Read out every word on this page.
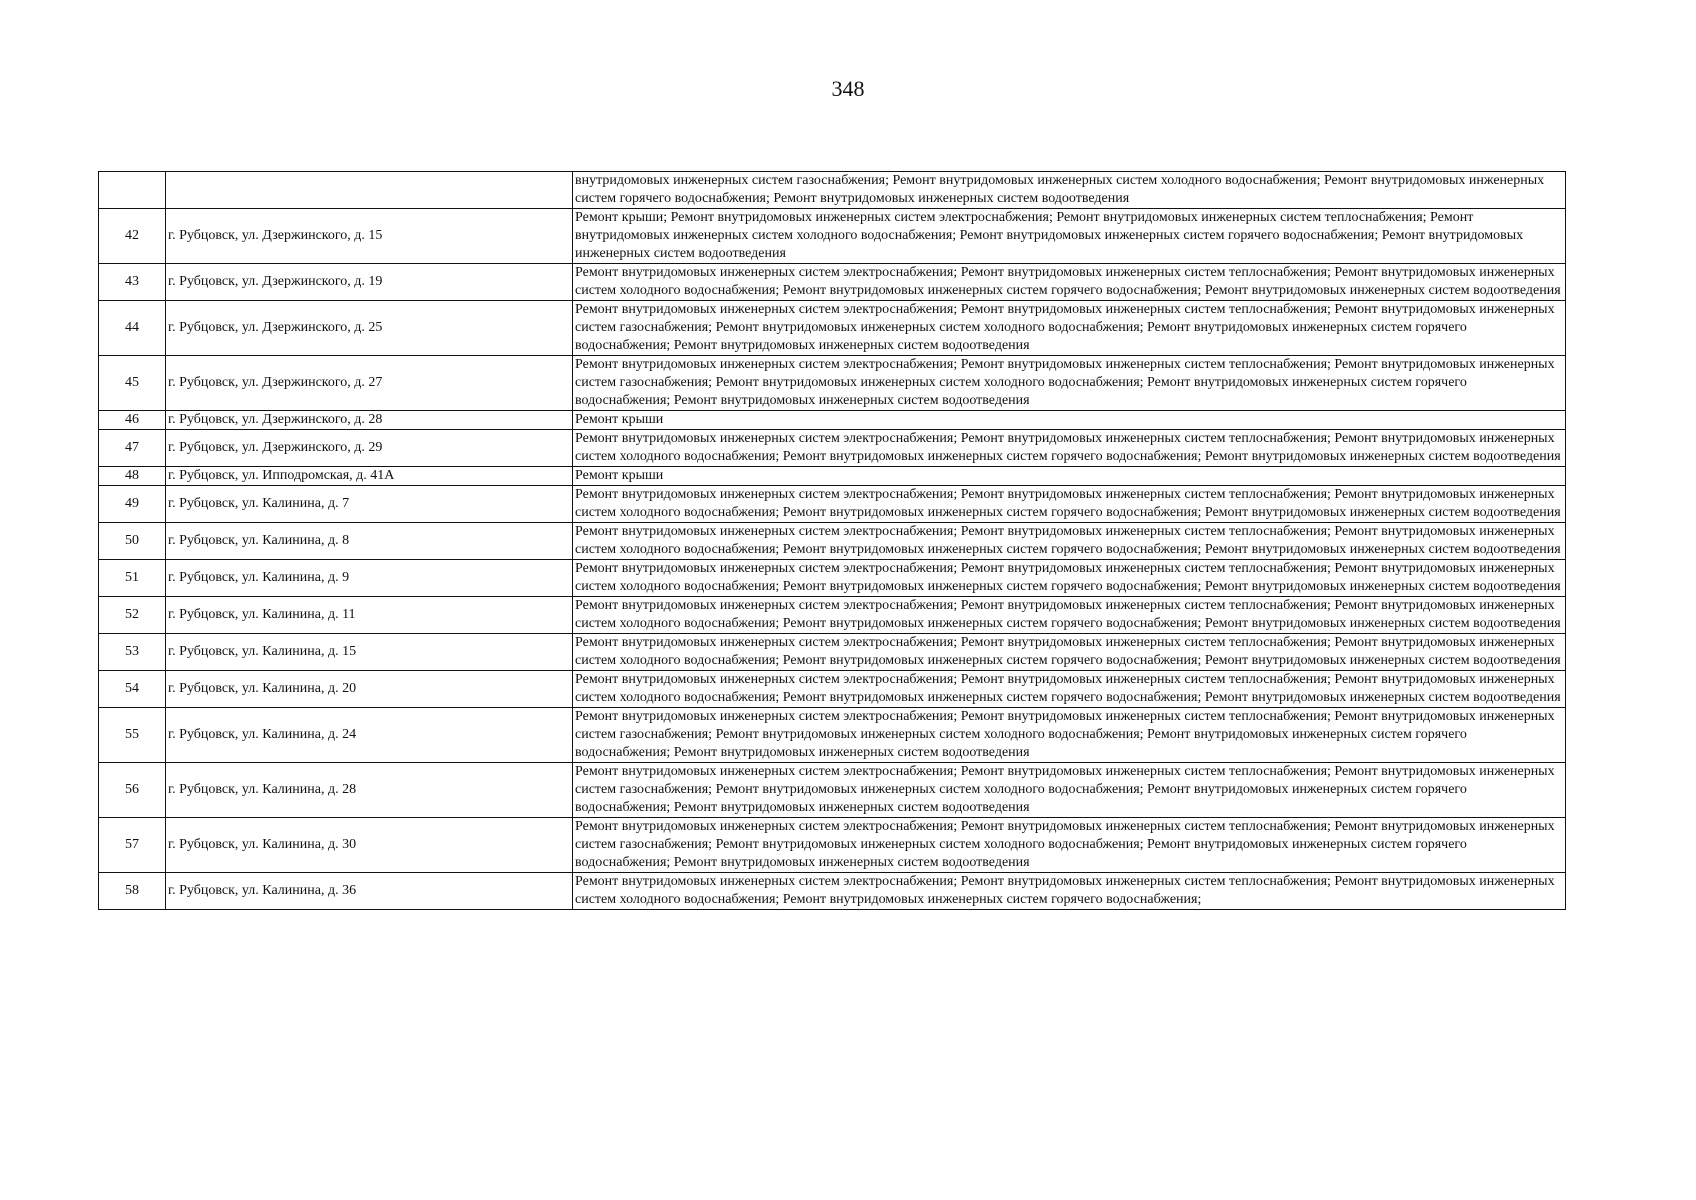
348
		внутридомовых инженерных систем газоснабжения; Ремонт внутридомовых инженерных систем холодного водоснабжения; Ремонт внутридомовых инженерных систем горячего водоснабжения; Ремонт внутридомовых инженерных систем водоотведения
42	г. Рубцовск, ул. Дзержинского, д. 15	Ремонт крыши; Ремонт внутридомовых инженерных систем электроснабжения; Ремонт внутридомовых инженерных систем теплоснабжения; Ремонт внутридомовых инженерных систем холодного водоснабжения; Ремонт внутридомовых инженерных систем горячего водоснабжения; Ремонт внутридомовых инженерных систем водоотведения
43	г. Рубцовск, ул. Дзержинского, д. 19	Ремонт внутридомовых инженерных систем электроснабжения; Ремонт внутридомовых инженерных систем теплоснабжения; Ремонт внутридомовых инженерных систем холодного водоснабжения; Ремонт внутридомовых инженерных систем горячего водоснабжения; Ремонт внутридомовых инженерных систем водоотведения
44	г. Рубцовск, ул. Дзержинского, д. 25	Ремонт внутридомовых инженерных систем электроснабжения; Ремонт внутридомовых инженерных систем теплоснабжения; Ремонт внутридомовых инженерных систем газоснабжения; Ремонт внутридомовых инженерных систем холодного водоснабжения; Ремонт внутридомовых инженерных систем горячего водоснабжения; Ремонт внутридомовых инженерных систем водоотведения
45	г. Рубцовск, ул. Дзержинского, д. 27	Ремонт внутридомовых инженерных систем электроснабжения; Ремонт внутридомовых инженерных систем теплоснабжения; Ремонт внутридомовых инженерных систем газоснабжения; Ремонт внутридомовых инженерных систем холодного водоснабжения; Ремонт внутридомовых инженерных систем горячего водоснабжения; Ремонт внутридомовых инженерных систем водоотведения
46	г. Рубцовск, ул. Дзержинского, д. 28	Ремонт крыши
47	г. Рубцовск, ул. Дзержинского, д. 29	Ремонт внутридомовых инженерных систем электроснабжения; Ремонт внутридомовых инженерных систем теплоснабжения; Ремонт внутридомовых инженерных систем холодного водоснабжения; Ремонт внутридомовых инженерных систем горячего водоснабжения; Ремонт внутридомовых инженерных систем водоотведения
48	г. Рубцовск, ул. Ипподромская, д. 41А	Ремонт крыши
49	г. Рубцовск, ул. Калинина, д. 7	Ремонт внутридомовых инженерных систем электроснабжения; Ремонт внутридомовых инженерных систем теплоснабжения; Ремонт внутридомовых инженерных систем холодного водоснабжения; Ремонт внутридомовых инженерных систем горячего водоснабжения; Ремонт внутридомовых инженерных систем водоотведения
50	г. Рубцовск, ул. Калинина, д. 8	Ремонт внутридомовых инженерных систем электроснабжения; Ремонт внутридомовых инженерных систем теплоснабжения; Ремонт внутридомовых инженерных систем холодного водоснабжения; Ремонт внутридомовых инженерных систем горячего водоснабжения; Ремонт внутридомовых инженерных систем водоотведения
51	г. Рубцовск, ул. Калинина, д. 9	Ремонт внутридомовых инженерных систем электроснабжения; Ремонт внутридомовых инженерных систем теплоснабжения; Ремонт внутридомовых инженерных систем холодного водоснабжения; Ремонт внутридомовых инженерных систем горячего водоснабжения; Ремонт внутридомовых инженерных систем водоотведения
52	г. Рубцовск, ул. Калинина, д. 11	Ремонт внутридомовых инженерных систем электроснабжения; Ремонт внутридомовых инженерных систем теплоснабжения; Ремонт внутридомовых инженерных систем холодного водоснабжения; Ремонт внутридомовых инженерных систем горячего водоснабжения; Ремонт внутридомовых инженерных систем водоотведения
53	г. Рубцовск, ул. Калинина, д. 15	Ремонт внутридомовых инженерных систем электроснабжения; Ремонт внутридомовых инженерных систем теплоснабжения; Ремонт внутридомовых инженерных систем холодного водоснабжения; Ремонт внутридомовых инженерных систем горячего водоснабжения; Ремонт внутридомовых инженерных систем водоотведения
54	г. Рубцовск, ул. Калинина, д. 20	Ремонт внутридомовых инженерных систем электроснабжения; Ремонт внутридомовых инженерных систем теплоснабжения; Ремонт внутридомовых инженерных систем холодного водоснабжения; Ремонт внутридомовых инженерных систем горячего водоснабжения; Ремонт внутридомовых инженерных систем водоотведения
55	г. Рубцовск, ул. Калинина, д. 24	Ремонт внутридомовых инженерных систем электроснабжения; Ремонт внутридомовых инженерных систем теплоснабжения; Ремонт внутридомовых инженерных систем газоснабжения; Ремонт внутридомовых инженерных систем холодного водоснабжения; Ремонт внутридомовых инженерных систем горячего водоснабжения; Ремонт внутридомовых инженерных систем водоотведения
56	г. Рубцовск, ул. Калинина, д. 28	Ремонт внутридомовых инженерных систем электроснабжения; Ремонт внутридомовых инженерных систем теплоснабжения; Ремонт внутридомовых инженерных систем газоснабжения; Ремонт внутридомовых инженерных систем холодного водоснабжения; Ремонт внутридомовых инженерных систем горячего водоснабжения; Ремонт внутридомовых инженерных систем водоотведения
57	г. Рубцовск, ул. Калинина, д. 30	Ремонт внутридомовых инженерных систем электроснабжения; Ремонт внутридомовых инженерных систем теплоснабжения; Ремонт внутридомовых инженерных систем газоснабжения; Ремонт внутридомовых инженерных систем холодного водоснабжения; Ремонт внутридомовых инженерных систем горячего водоснабжения; Ремонт внутридомовых инженерных систем водоотведения
58	г. Рубцовск, ул. Калинина, д. 36	Ремонт внутридомовых инженерных систем электроснабжения; Ремонт внутридомовых инженерных систем теплоснабжения; Ремонт внутридомовых инженерных систем холодного водоснабжения; Ремонт внутридомовых инженерных систем горячего водоснабжения;
